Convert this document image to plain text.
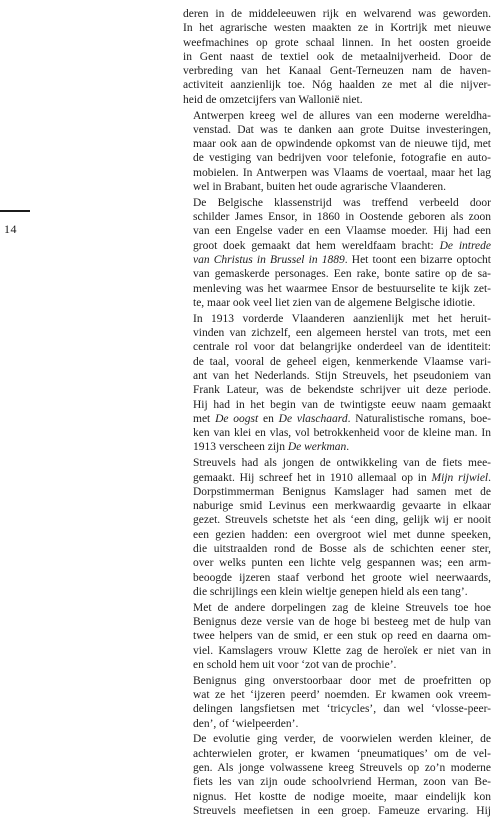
14

deren in de middeleeuwen rijk en welvarend was geworden.
In het agrarische westen maakten ze in Kortrijk met nieuwe
weefmachines op grote schaal linnen. In het oosten groeide
in Gent naast de textiel ook de metaalnijverheid. Door de
verbreding van het Kanaal Gent-Terneuzen nam de haven-
activiteit aanzienlijk toe. Nóg haalden ze met al die nijver-
heid de omzetcijfers van Wallonië niet.

Antwerpen kreeg wel de allures van een moderne wereldha-
venstad. Dat was te danken aan grote Duitse investeringen,
maar ook aan de opwindende opkomst van de nieuwe tijd, met
de vestiging van bedrijven voor telefonie, fotografie en auto-
mobielen. In Antwerpen was Vlaams de voertaal, maar het lag
wel in Brabant, buiten het oude agrarische Vlaanderen.

De Belgische klassenstrijd was treffend verbeeld door
schilder James Ensor, in 1860 in Oostende geboren als zoon
van een Engelse vader en een Vlaamse moeder. Hij had een
groot doek gemaakt dat hem wereldfaam bracht: De intrede
van Christus in Brussel in 1889. Het toont een bizarre optocht
van gemaskerde personages. Een rake, bonte satire op de sa-
menleving was het waarmee Ensor de bestuurselite te kijk zet-
te, maar ook veel liet zien van de algemene Belgische idiotie.

In 1913 vorderde Vlaanderen aanzienlijk met het heruit-
vinden van zichzelf, een algemeen herstel van trots, met een
centrale rol voor dat belangrijke onderdeel van de identiteit:
de taal, vooral de geheel eigen, kenmerkende Vlaamse vari-
ant van het Nederlands. Stijn Streuvels, het pseudoniem van
Frank Lateur, was de bekendste schrijver uit deze periode.
Hij had in het begin van de twintigste eeuw naam gemaakt
met De oogst en De vlaschaard. Naturalistische romans, boe-
ken van klei en vlas, vol betrokkenheid voor de kleine man. In
1913 verscheen zijn De werkman.

Streuvels had als jongen de ontwikkeling van de fiets mee-
gemaakt. Hij schreef het in 1910 allemaal op in Mijn rijwiel.
Dorpstimmerman Benignus Kamslager had samen met de
naburige smid Levinus een merkwaardig gevaarte in elkaar
gezet. Streuvels schetste het als ‘een ding, gelijk wij er nooit
een gezien hadden: een overgroot wiel met dunne speeken,
die uitstraalden rond de Bosse als de schichten eener ster,
over welks punten een lichte velg gespannen was; een arm-
beoogde ijzeren staaf verbond het groote wiel neerwaards,
die schrijlings een klein wieltje genepen hield als een tang’.

Met de andere dorpelingen zag de kleine Streuvels toe hoe
Benignus deze versie van de hoge bi besteeg met de hulp van
twee helpers van de smid, er een stuk op reed en daarna om-
viel. Kamslagers vrouw Klette zag de heroïek er niet van in
en schold hem uit voor ‘zot van de prochie’.

Benignus ging onverstoorbaar door met de proefritten op
wat ze het ‘ijzeren peerd’ noemden. Er kwamen ook vreem-
delingen langsfietsen met ‘tricycles’, dan wel ‘vlosse-peer-
den’, of ‘wielpeerden’.

De evolutie ging verder, de voorwielen werden kleiner, de
achterwielen groter, er kwamen ‘pneumatiques’ om de vel-
gen. Als jonge volwassene kreeg Streuvels op zo’n moderne
fiets les van zijn oude schoolvriend Herman, zoon van Be-
nignus. Het kostte de nodige moeite, maar eindelijk kon
Streuvels meefietsen in een groep. Fameuze ervaring. Hij
